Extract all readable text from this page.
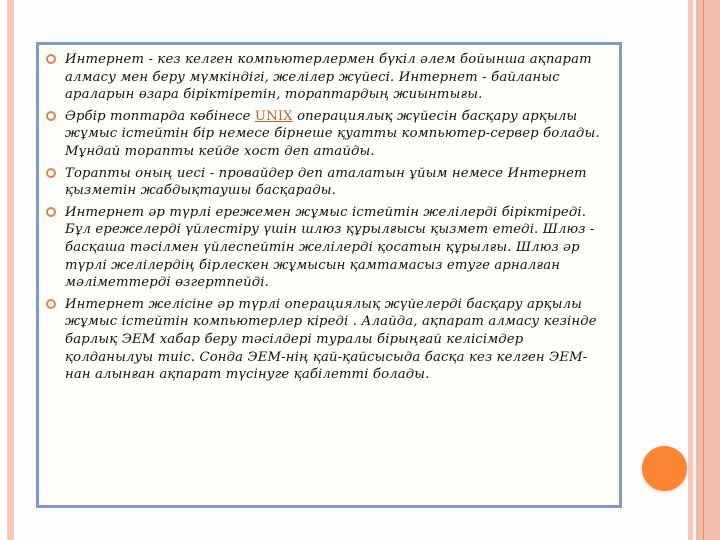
Интернет - кез келген компьютерлермен бүкіл әлем бойынша ақпарат алмасу мен беру мүмкіндігі, желілер жүйесі. Интернет - байланыс араларын өзара біріктіретін, тораптардың жиынтығы.
Әрбір топтарда көбінесе UNIX операциялық жүйесін басқару арқылы жұмыс істейтін бір немесе бірнеше қуатты компьютер-сервер болады. Мұндай торапты кейде хост деп атайды.
Торапты оның иесі - провайдер деп аталатын ұйым немесе Интернет қызметін жабдықтаушы басқарады.
Интернет әр түрлі ережемен жұмыс істейтін желілерді біріктіреді. Бұл ережелерді үйлестіру үшін шлюз құрылғысы қызмет етеді. Шлюз - басқаша тәсілмен үйлеспейтін желілерді қосатын құрылғы. Шлюз әр түрлі желілердің бірлескен жұмысын қамтамасыз етуге арналған мәліметтерді өзгертпейді.
Интернет желісіне әр түрлі операциялық жүйелерді басқару арқылы жұмыс істейтін компьютерлер кіреді . Алайда, ақпарат алмасу кезінде барлық ЭЕМ хабар беру тәсілдері туралы бірыңғай келісімдер қолданылуы тиіс. Сонда ЭЕМ-нің қай-қайсысыда басқа кез келген ЭЕМ-нан алынған ақпарат түсінуге қабілетті болады.
